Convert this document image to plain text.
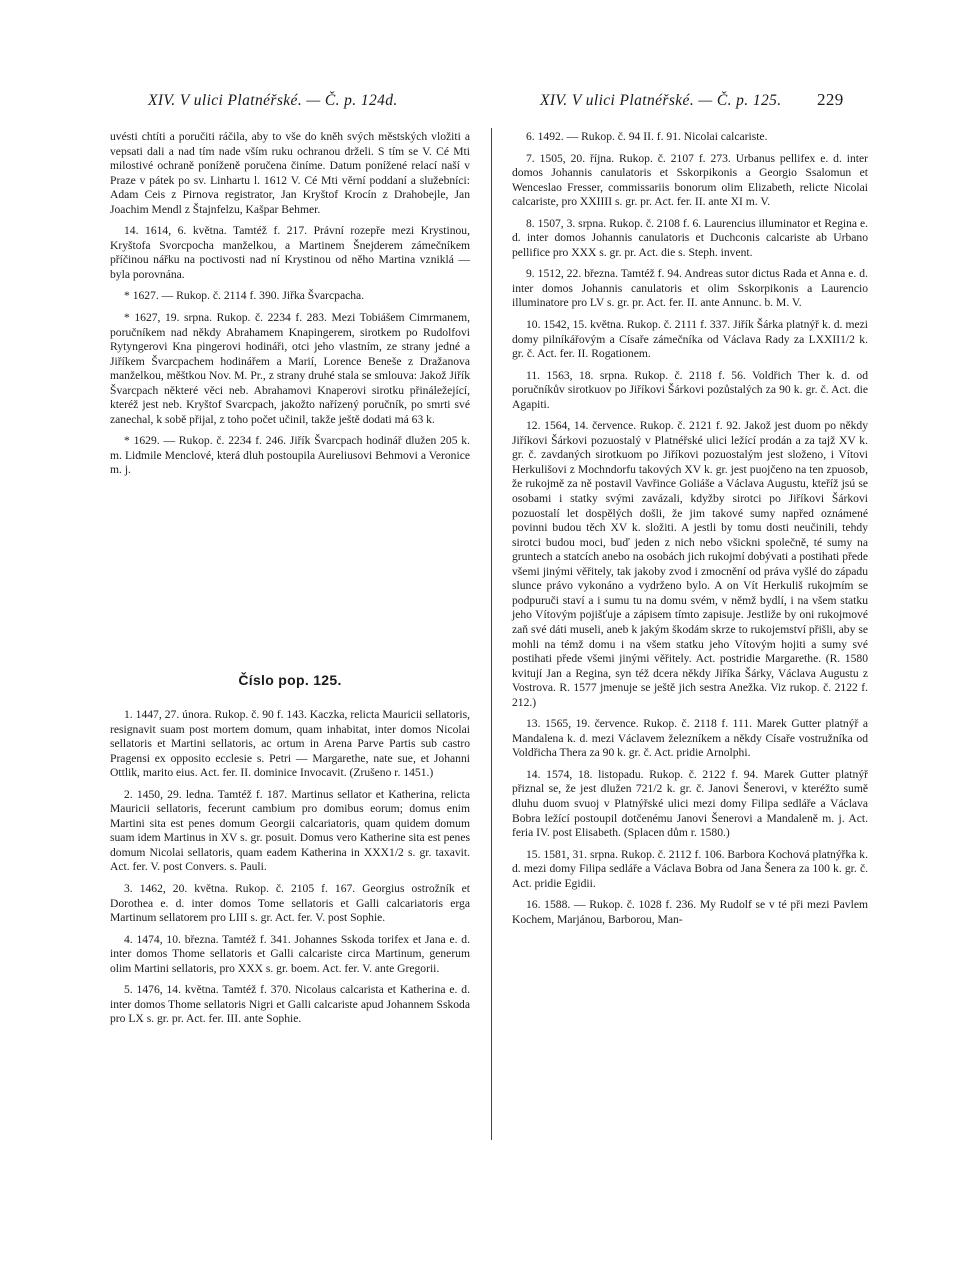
XIV. V ulici Platnéřské. — Č. p. 124d.	XIV. V ulici Platnéřské. — Č. p. 125. 229

uvésti chtíti a poručiti ráčila, aby to vše do kněh svých městských vložiti a vepsati dali a nad tím nade vším ruku ochranou drželi. S tím se V. Cé Mti milostivé ochraně poníženě poručena činíme. Datum ponížené relací naší v Praze v pátek po sv. Linhartu l. 1612 V. Cé Mti věrní poddaní a služebníci: Adam Ceis z Pirnova registrator, Jan Kryštof Krocín z Drahobejle, Jan Joachim Mendl z Štajnfelzu, Kašpar Behmer.

14. 1614, 6. května. Tamtéž f. 217. Právní rozepře mezi Krystinou, Kryštofa Svorcpocha manželkou, a Martinem Šnejderem zámečníkem příčinou nářku na poctivosti nad ní Krystinou od něho Martina vzniklá — byla porovnána.

* 1627. — Rukop. č. 2114 f. 390. Jiřka Švarcpacha.

* 1627, 19. srpna. Rukop. č. 2234 f. 283. Mezi Tobiášem Cimrmanem, poručníkem nad někdy Abrahamem Knapingerem, sirotkem po Rudolfovi Rytyngerovi Kna pingerovi hodináři, otci jeho vlastním, ze strany jedné a Jiříkem Švarcpachem hodinářem a Marií, Lorence Beneše z Dražanova manželkou, měštkou Nov. M. Pr., z strany druhé stala se smlouva: Jakož Jiřík Švarcpach některé věci neb. Abrahamovi Knaperovi sirotku přináležející, kteréž jest neb. Kryštof Svarcpach, jakožto nařízený poručník, po smrti své zanechal, k sobě přijal, z toho počet učinil, takže ještě dodati má 63 k.

* 1629. — Rukop. č. 2234 f. 246. Jiřík Švarcpach hodinář dlužen 205 k. m. Lidmile Menclové, která dluh postoupila Aureliusovi Behmovi a Veronice m. j.

Číslo pop. 125.

1. 1447, 27. února. Rukop. č. 90 f. 143. Kaczka, relicta Mauricii sellatoris, resignavit suam post mortem domum, quam inhabitat, inter domos Nicolai sellatoris et Martini sellatoris, ac ortum in Arena Parve Partis sub castro Pragensi ex opposito ecclesie s. Petri — Margarethe, nate sue, et Johanni Ottlik, marito eius. Act. fer. II. dominice Invocavit. (Zrušeno r. 1451.)

2. 1450, 29. ledna. Tamtéž f. 187. Martinus sellator et Katherina, relicta Mauricii sellatoris, fecerunt cambium pro domibus eorum; domus enim Martini sita est penes domum Georgii calcariatoris, quam quidem domum suam idem Martinus in XV s. gr. posuit. Domus vero Katherine sita est penes domum Nicolai sellatoris, quam eadem Katherina in XXX1/2 s. gr. taxavit. Act. fer. V. post Convers. s. Pauli.

3. 1462, 20. května. Rukop. č. 2105 f. 167. Georgius ostrožník et Dorothea e. d. inter domos Tome sellatoris et Galli calcariatoris erga Martinum sellatorem pro LIII s. gr. Act. fer. V. post Sophie.

4. 1474, 10. března. Tamtéž f. 341. Johannes Sskoda torifex et Jana e. d. inter domos Thome sellatoris et Galli calcariste circa Martinum, generum olim Martini sellatoris, pro XXX s. gr. boem. Act. fer. V. ante Gregorii.

5. 1476, 14. května. Tamtéž f. 370. Nicolaus calcarista et Katherina e. d. inter domos Thome sellatoris Nigri et Galli calcariste apud Johannem Sskoda pro LX s. gr. pr. Act. fer. III. ante Sophie.

6. 1492. — Rukop. č. 94 II. f. 91. Nicolai calcariste.

7. 1505, 20. října. Rukop. č. 2107 f. 273. Urbanus pellifex e. d. inter domos Johannis canulatoris et Sskorpikonis a Georgio Ssalomun et Wenceslao Fresser, commissariis bonorum olim Elizabeth, relicte Nicolai calcariste, pro XXIIII s. gr. pr. Act. fer. II. ante XI m. V.

8. 1507, 3. srpna. Rukop. č. 2108 f. 6. Laurencius illuminator et Regina e. d. inter domos Johannis canulatoris et Duchconis calcariste ab Urbano pellifice pro XXX s. gr. pr. Act. die s. Steph. invent.

9. 1512, 22. března. Tamtéž f. 94. Andreas sutor dictus Rada et Anna e. d. inter domos Johannis canulatoris et olim Sskorpikonis a Laurencio illuminatore pro LV s. gr. pr. Act. fer. II. ante Annunc. b. M. V.

10. 1542, 15. května. Rukop. č. 2111 f. 337. Jiřík Šárka platnýř k. d. mezi domy pilníkářovým a Císaře zámečníka od Václava Rady za LXXII1/2 k. gr. č. Act. fer. II. Rogationem.

11. 1563, 18. srpna. Rukop. č. 2118 f. 56. Voldřich Ther k. d. od poručníkův sirotkuov po Jiříkovi Šárkovi pozůstalých za 90 k. gr. č. Act. die Agapiti.

12. 1564, 14. července. Rukop. č. 2121 f. 92. Jakož jest duom po někdy Jiříkovi Šárkovi pozuostalý v Platnéřské ulici ležící prodán a za tajž XV k. gr. č. zavdaných sirotkuom po Jiříkovi pozuostalým jest složeno, i Vítovi Herkulišovi z Mochndorfu takových XV k. gr. jest puojčeno na ten zpuosob, že rukojmě za ně postavil Vavřince Goliáše a Václava Augustu, kteříž jsú se osobami i statky svými zavázali, kdyžby sirotci po Jiříkovi Šárkovi pozuostalí let dospělých došli, že jim takové sumy napřed oznámené povinni budou těch XV k. složiti. A jestli by tomu dosti neučinili, tehdy sirotci budou moci, buď jeden z nich nebo všickni společně, té sumy na gruntech a statcích anebo na osobách jich rukojmí dobývati a postihati přede všemi jinými věřitely, tak jakoby zvod i zmocnění od práva vyšlé do západu slunce právo vykonáno a vydrženo bylo. A on Vít Herkuliš rukojmím se podpuruči staví a i sumu tu na domu svém, v němž bydlí, i na všem statku jeho Vítovým pojišťuje a zápisem tímto zapisuje. Jestliže by oni rukojmové zaň své dáti museli, aneb k jakým škodám skrze to rukojemství přišli, aby se mohli na témž domu i na všem statku jeho Vítovým hojiti a sumy své postihati přede všemi jinými věřitely. Act. postridie Margarethe. (R. 1580 kvitují Jan a Regina, syn též dcera někdy Jiříka Šárky, Václava Augustu z Vostrova. R. 1577 jmenuje se ještě jich sestra Anežka. Viz rukop. č. 2122 f. 212.)

13. 1565, 19. července. Rukop. č. 2118 f. 111. Marek Gutter platnýř a Mandalena k. d. mezi Václavem železníkem a někdy Císaře vostružníka od Voldřicha Thera za 90 k. gr. č. Act. pridie Arnolphi.

14. 1574, 18. listopadu. Rukop. č. 2122 f. 94. Marek Gutter platnýř přiznal se, že jest dlužen 721/2 k. gr. č. Janovi Šenerovi, v kteréžto sumě dluhu duom svuoj v Platnýřské ulici mezi domy Filipa sedláře a Václava Bobra ležící postoupil dotčenému Janovi Šenerovi a Mandaleně m. j. Act. feria IV. post Elisabeth. (Splacen dům r. 1580.)

15. 1581, 31. srpna. Rukop. č. 2112 f. 106. Barbora Kochová platnýřka k. d. mezi domy Filipa sedláře a Václava Bobra od Jana Šenera za 100 k. gr. č. Act. pridie Egidii.

16. 1588. — Rukop. č. 1028 f. 236. My Rudolf se v té při mezi Pavlem Kochem, Marjánou, Barborou, Man-
